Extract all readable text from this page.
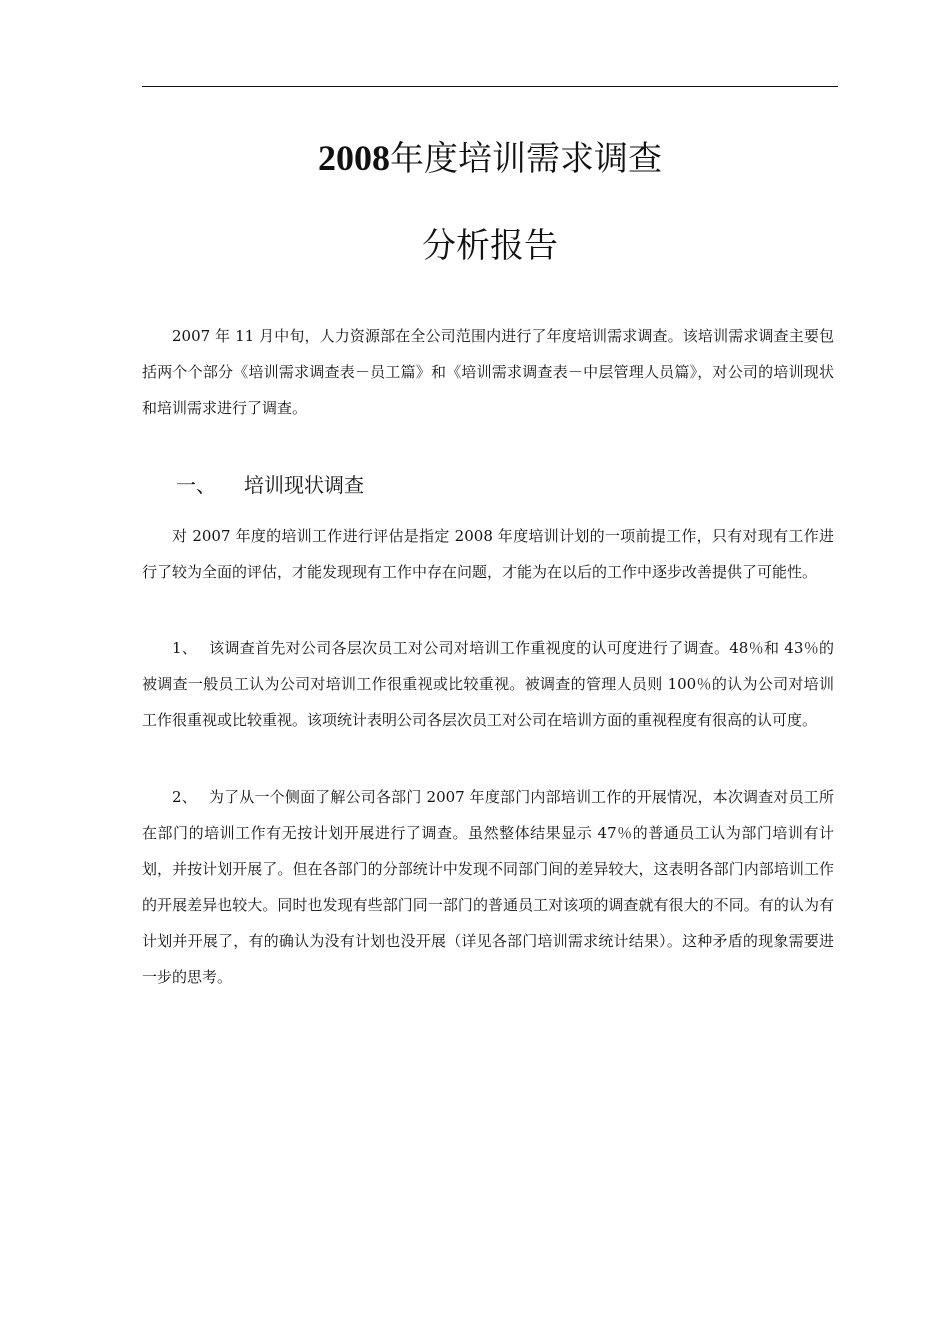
2008年度培训需求调查
分析报告

2007 年 11 月中旬，人力资源部在全公司范围内进行了年度培训需求调查。该培训需求调查主要包括两个个部分《培训需求调查表－员工篇》和《培训需求调查表－中层管理人员篇》，对公司的培训现状和培训需求进行了调查。

一、 培训现状调查

对 2007 年度的培训工作进行评估是指定 2008 年度培训计划的一项前提工作，只有对现有工作进行了较为全面的评估，才能发现现有工作中存在问题，才能为在以后的工作中逐步改善提供了可能性。

1、 该调查首先对公司各层次员工对公司对培训工作重视度的认可度进行了调查。48％和 43％的被调查一般员工认为公司对培训工作很重视或比较重视。被调查的管理人员则 100％的认为公司对培训工作很重视或比较重视。该项统计表明公司各层次员工对公司在培训方面的重视程度有很高的认可度。

2、 为了从一个侧面了解公司各部门 2007 年度部门内部培训工作的开展情况，本次调查对员工所在部门的培训工作有无按计划开展进行了调查。虽然整体结果显示 47％的普通员工认为部门培训有计划，并按计划开展了。但在各部门的分部统计中发现不同部门间的差异较大，这表明各部门内部培训工作的开展差异也较大。同时也发现有些部门同一部门的普通员工对该项的调查就有很大的不同。有的认为有计划并开展了，有的确认为没有计划也没开展（详见各部门培训需求统计结果）。这种矛盾的现象需要进一步的思考。
